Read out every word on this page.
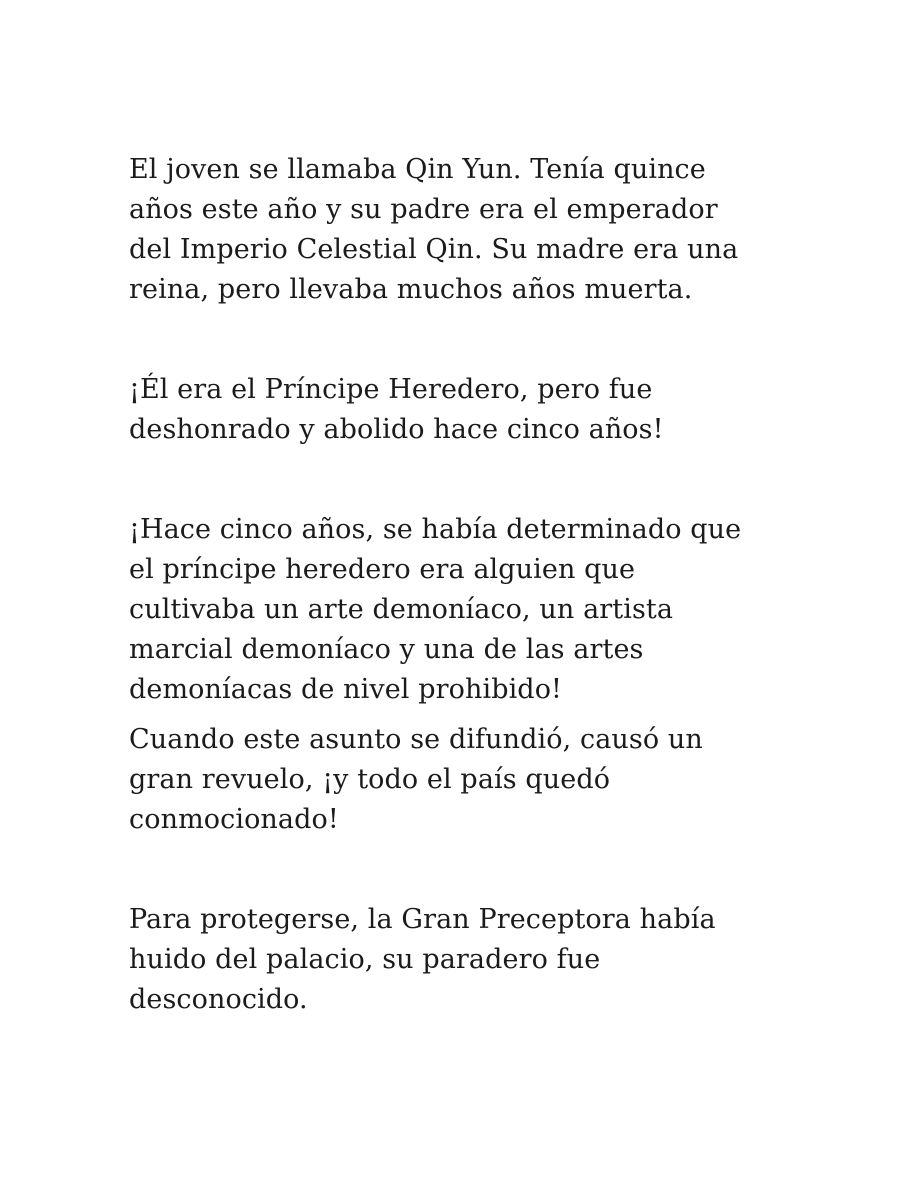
El joven se llamaba Qin Yun. Tenía quince
años este año y su padre era el emperador
del Imperio Celestial Qin. Su madre era una
reina, pero llevaba muchos años muerta.
¡Él era el Príncipe Heredero, pero fue
deshonrado y abolido hace cinco años!
¡Hace cinco años, se había determinado que
el príncipe heredero era alguien que
cultivaba un arte demoníaco, un artista
marcial demoníaco y una de las artes
demoníacas de nivel prohibido!
Cuando este asunto se difundió, causó un
gran revuelo, ¡y todo el país quedó
conmocionado!
Para protegerse, la Gran Preceptora había
huido del palacio, su paradero fue
desconocido.
